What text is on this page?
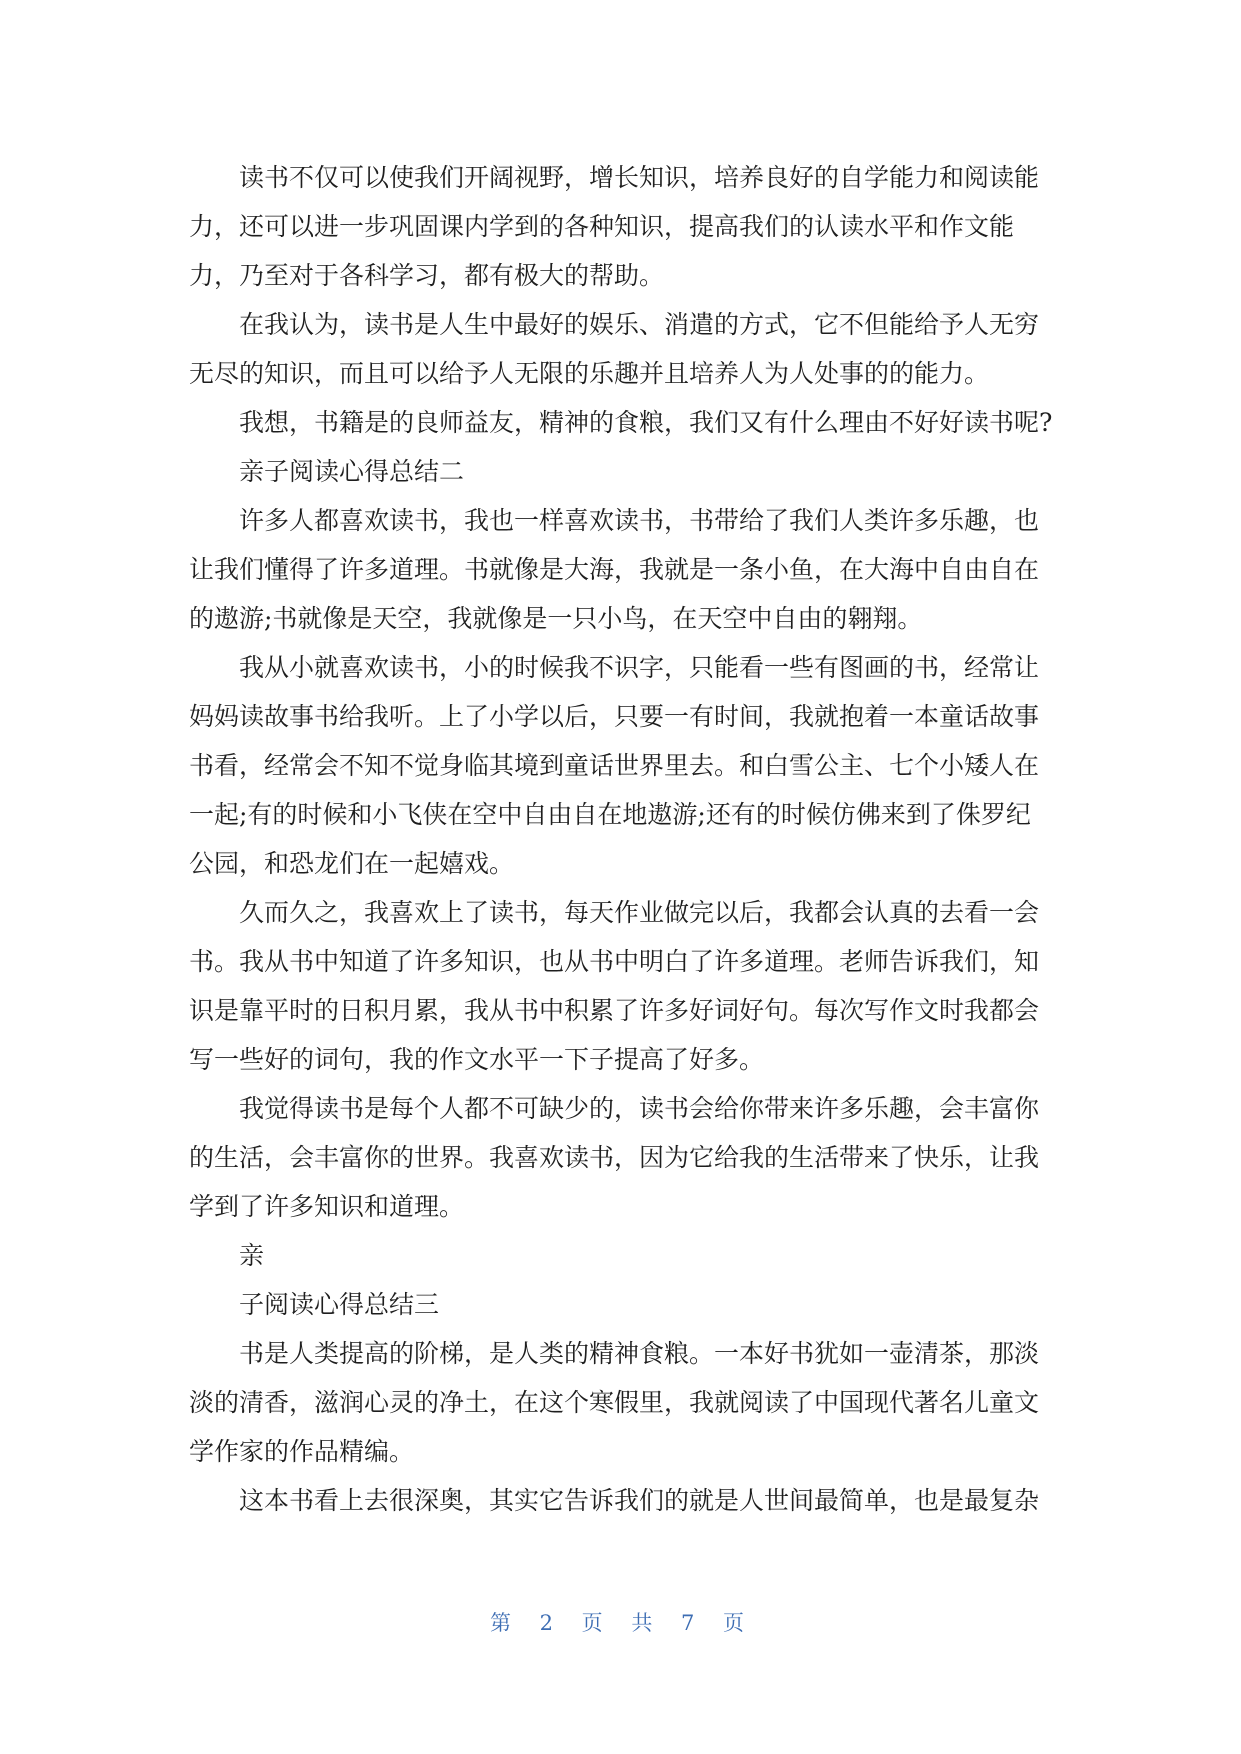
读书不仅可以使我们开阔视野，增长知识，培养良好的自学能力和阅读能
力，还可以进一步巩固课内学到的各种知识，提高我们的认读水平和作文能
力，乃至对于各科学习，都有极大的帮助。
在我认为，读书是人生中最好的娱乐、消遣的方式，它不但能给予人无穷
无尽的知识，而且可以给予人无限的乐趣并且培养人为人处事的的能力。
我想，书籍是的良师益友，精神的食粮，我们又有什么理由不好好读书呢?
亲子阅读心得总结二
许多人都喜欢读书，我也一样喜欢读书，书带给了我们人类许多乐趣，也
让我们懂得了许多道理。书就像是大海，我就是一条小鱼，在大海中自由自在
的遨游;书就像是天空，我就像是一只小鸟，在天空中自由的翱翔。
我从小就喜欢读书，小的时候我不识字，只能看一些有图画的书，经常让
妈妈读故事书给我听。上了小学以后，只要一有时间，我就抱着一本童话故事
书看，经常会不知不觉身临其境到童话世界里去。和白雪公主、七个小矮人在
一起;有的时候和小飞侠在空中自由自在地遨游;还有的时候仿佛来到了侏罗纪
公园，和恐龙们在一起嬉戏。
久而久之，我喜欢上了读书，每天作业做完以后，我都会认真的去看一会
书。我从书中知道了许多知识，也从书中明白了许多道理。老师告诉我们，知
识是靠平时的日积月累，我从书中积累了许多好词好句。每次写作文时我都会
写一些好的词句，我的作文水平一下子提高了好多。
我觉得读书是每个人都不可缺少的，读书会给你带来许多乐趣，会丰富你
的生活，会丰富你的世界。我喜欢读书，因为它给我的生活带来了快乐，让我
学到了许多知识和道理。
亲
子阅读心得总结三
书是人类提高的阶梯，是人类的精神食粮。一本好书犹如一壶清茶，那淡
淡的清香，滋润心灵的净土，在这个寒假里，我就阅读了中国现代著名儿童文
学作家的作品精编。
这本书看上去很深奥，其实它告诉我们的就是人世间最简单，也是最复杂
第 2 页 共 7 页
